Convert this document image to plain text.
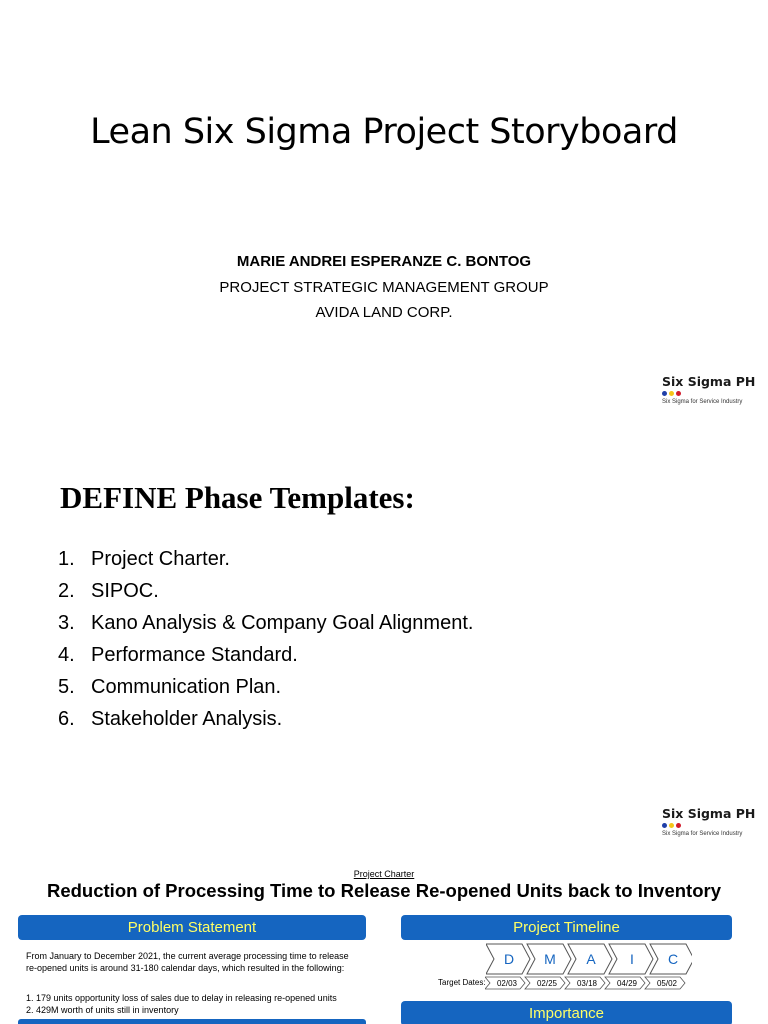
Lean Six Sigma Project Storyboard
MARIE ANDREI ESPERANZE C. BONTOG
PROJECT STRATEGIC MANAGEMENT GROUP
AVIDA LAND CORP.
Six Sigma PH
Six Sigma for Service Industry
DEFINE Phase Templates:
1. Project Charter.
2. SIPOC.
3. Kano Analysis & Company Goal Alignment.
4. Performance Standard.
5. Communication Plan.
6. Stakeholder Analysis.
Six Sigma PH
Six Sigma for Service Industry
Project Charter
Reduction of Processing Time to Release Re-opened Units back to Inventory
Problem Statement
From January to December 2021, the current average processing time to release
re-opened units is around 31-180 calendar days, which resulted in the following:
1. 179 units opportunity loss of sales due to delay in releasing re-opened units
2. 429M worth of units still in inventory
Project Timeline
D M A I C
Target Dates: 02/03 02/25 03/18 04/29 05/02
Importance
